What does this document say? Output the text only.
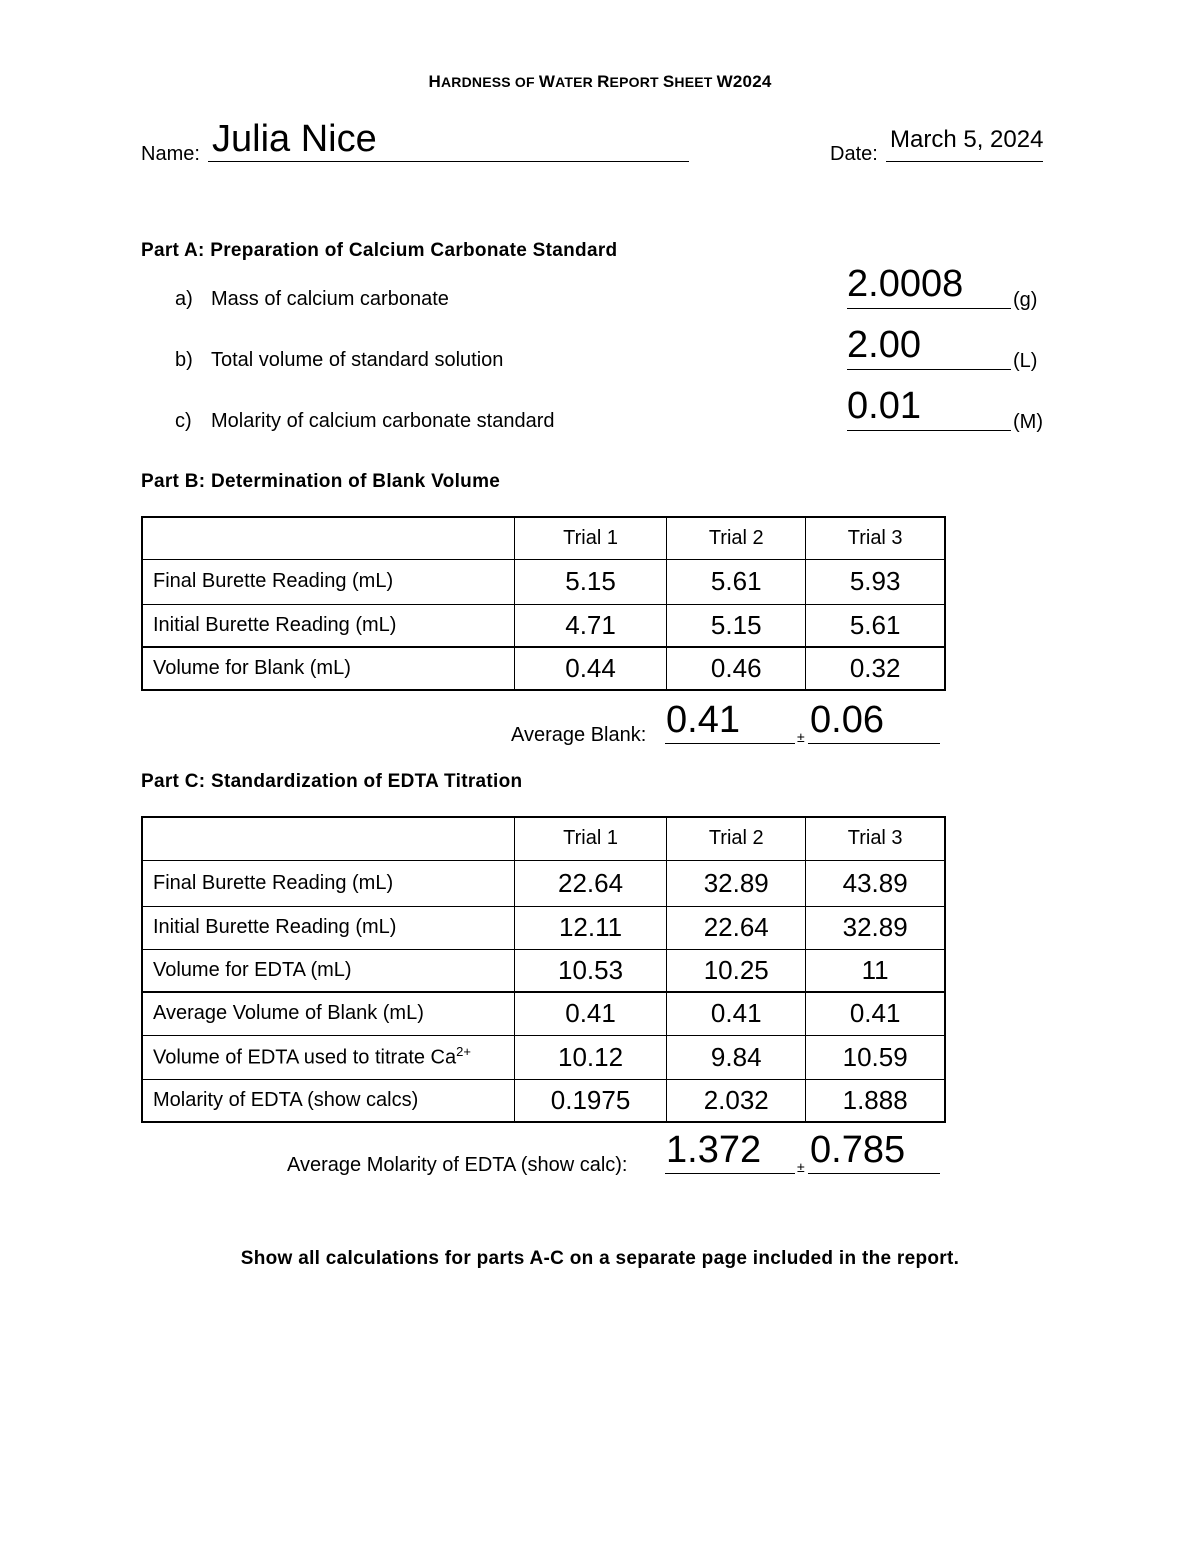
HARDNESS OF WATER REPORT SHEET W2024
Name: Julia Nice	Date:
March 5, 2024
Part A: Preparation of Calcium Carbonate Standard
a) Mass of calcium carbonate	2.0008 (g)
b) Total volume of standard solution	2.00	(L)
c) Molarity of calcium carbonate standard	0.01	(M)
Part B: Determination of Blank Volume
	Trial 1	Trial 2	Trial 3
Final Burette Reading (mL)	5.15	5.61	5.93
Initial Burette Reading (mL)	4.71	5.15	5.61
Volume for Blank (mL)	0.44	0.46	0.32
Average Blank: 0.41	± 0.06
Part C: Standardization of EDTA Titration
	Trial 1	Trial 2	Trial 3
Final Burette Reading (mL)	22.64	32.89	43.89
Initial Burette Reading (mL)	12.11	22.64	32.89
Volume for EDTA (mL)	10.53	10.25	11
Average Volume of Blank (mL)	0.41	0.41	0.41
Volume of EDTA used to titrate $Ca^{2+}$	10.12	9.84	10.59
Molarity of EDTA (show calcs)	0.1975	2.032	1.888
Average Molarity of EDTA (show calc): 1.372	± 0.785
Show all calculations for parts A-C on a separate page included in the report.
